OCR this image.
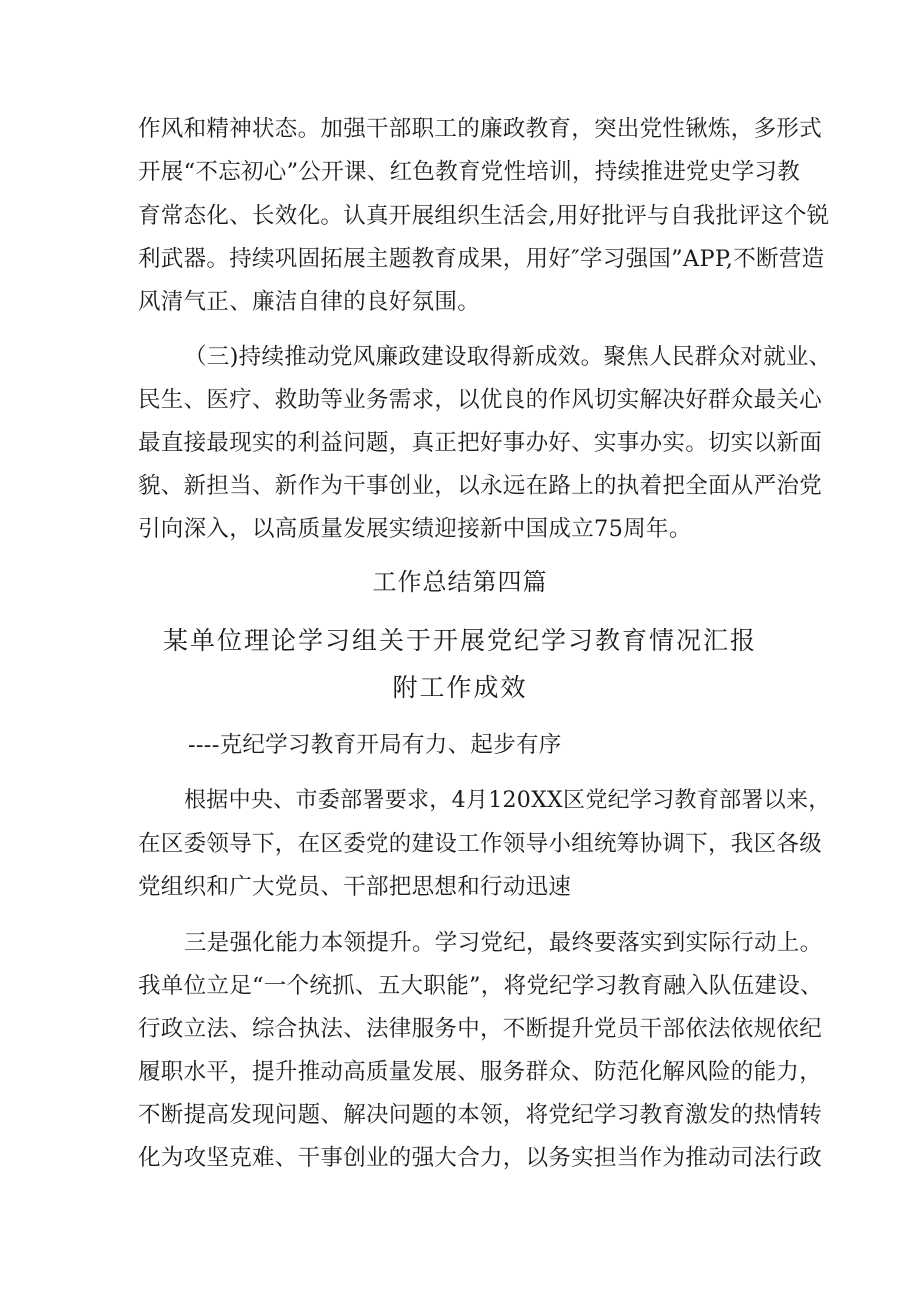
作风和精神状态。加强干部职工的廉政教育，突出党性锹炼，多形式
开展“不忘初心”公开课、红色教育党性培训，持续推进党史学习教
育常态化、长效化。认真开展组织生活会,用好批评与自我批评这个锐
利武器。持续巩固拓展主题教育成果，用好″学习强国”APP,不断营造
风清气正、廉洁自律的良好氛围。
（三)持续推动党风廉政建设取得新成效。聚焦人民群众对就业、
民生、医疗、救助等业务需求，以优良的作风切实解决好群众最关心
最直接最现实的利益问题，真正把好事办好、实事办实。切实以新面
貌、新担当、新作为干事创业，以永远在路上的执着把全面从严治党
引向深入，以高质量发展实绩迎接新中国成立75周年。
工作总结第四篇
某单位理论学习组关于开展党纪学习教育情况汇报
附工作成效
----克纪学习教育开局有力、起步有序
根据中央、市委部署要求，4月120XX区党纪学习教育部署以来，
在区委领导下，在区委党的建设工作领导小组统筹协调下，我区各级
党组织和广大党员、干部把思想和行动迅速
三是强化能力本领提升。学习党纪，最终要落实到实际行动上。
我单位立足“一个统抓、五大职能”，将党纪学习教育融入队伍建设、
行政立法、综合执法、法律服务中，不断提升党员干部依法依规依纪
履职水平，提升推动高质量发展、服务群众、防范化解风险的能力，
不断提高发现问题、解决问题的本领，将党纪学习教育激发的热情转
化为攻坚克难、干事创业的强大合力，以务实担当作为推动司法行政
